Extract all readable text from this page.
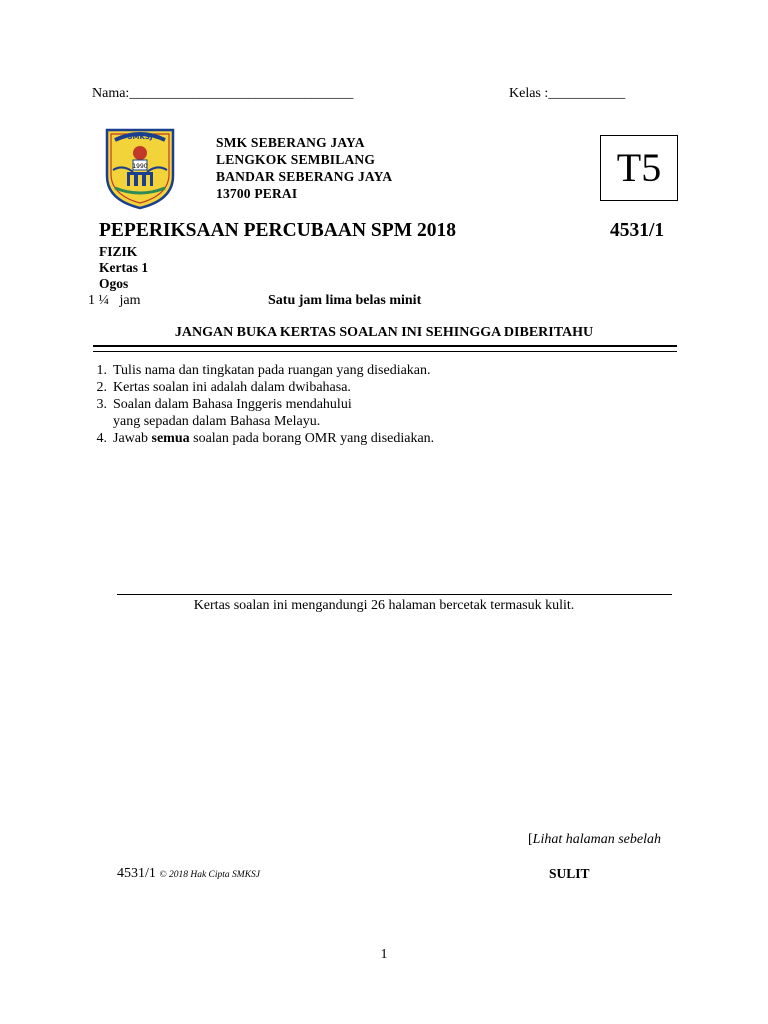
Nama:________________________________	Kelas :___________
SMKSJ
1990
SMK SEBERANG JAYA
LENGKOK SEMBILANG
BANDAR SEBERANG JAYA
13700 PERAI
T5
PEPERIKSAAN PERCUBAAN SPM 2018	4531/1
FIZIK
Kertas 1
Ogos
1 ¼   jam	Satu jam lima belas minit
JANGAN BUKA KERTAS SOALAN INI SEHINGGA DIBERITAHU
1. Tulis nama dan tingkatan pada ruangan yang disediakan.
2. Kertas soalan ini adalah dalam dwibahasa.
3. Soalan dalam Bahasa Inggeris mendahului
yang sepadan dalam Bahasa Melayu.
4. Jawab semua soalan pada borang OMR yang disediakan.
Kertas soalan ini mengandungi 26 halaman bercetak termasuk kulit.
[Lihat halaman sebelah
4531/1 © 2018 Hak Cipta SMKSJ	SULIT
1
